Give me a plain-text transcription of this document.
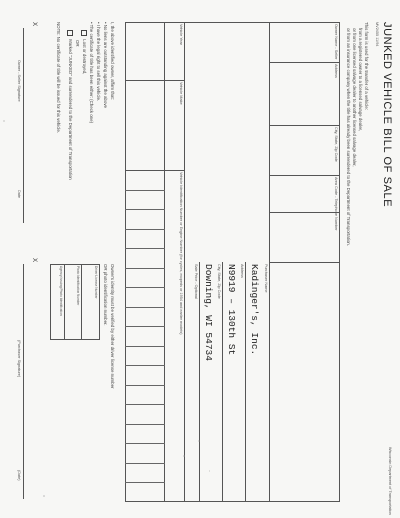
Wisconsin Department of Transportation
JUNKED VEHICLE BILL OF SALE
MV2455 11/94
This form is used for the transfer of a vehicle:
from a registered owner to a licensed salvage dealer,
or from one licensed salvage dealer to another licensed salvage dealer,
or from an insurance company when the title has already been surrendered to the Department of Transportation.
Owner Name - Seller
Address
City, State, Zip Code
Area Code - Telephone Number
Purchaser Name
Kadinger's, Inc.
Address
N9919 – 130th St
City, State, Zip Code
Downing, WI 54734
Sale Price - Optional
Vehicle Year
Vehicle Make
Vehicle Identification Number or Engine Number (for cycles, mopeds or 1954 and earlier models)
I, the above identified owner, affirm that:
• No liens are outstanding against the above
• I have the legal right to sell this vehicle.
• The certificate of title has been either: (Check one)
Lost or destroyed,
OR
Marked "JUNKED" and surrendered to the Department of Transportation
NOTE: No certificate of title will be issued for this vehicle.
Owner's identity must be verified by either driver license number
OR photo identification number.
Driver License Number
Photo Identification Number
Agency Issuing Photo Identification
X
Owner - Seller Signature
Date
X
(Purchaser Signature)
(Date)
